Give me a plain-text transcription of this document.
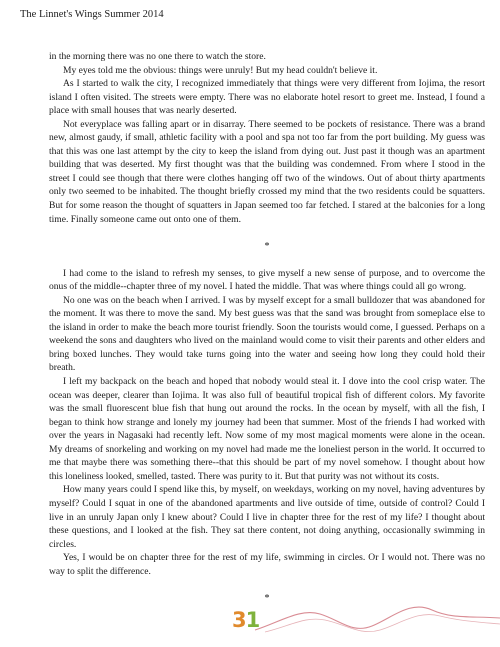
The Linnet's Wings Summer 2014

in the morning there was no one there to watch the store.

My eyes told me the obvious: things were unruly! But my head couldn't believe it.

As I started to walk the city, I recognized immediately that things were very different from Iojima, the resort island I often visited. The streets were empty. There was no elaborate hotel resort to greet me. Instead, I found a place with small houses that was nearly deserted.

Not everyplace was falling apart or in disarray. There seemed to be pockets of resistance. There was a brand new, almost gaudy, if small, athletic facility with a pool and spa not too far from the port building. My guess was that this was one last attempt by the city to keep the island from dying out. Just past it though was an apartment building that was deserted. My first thought was that the building was condemned. From where I stood in the street I could see though that there were clothes hanging off two of the windows. Out of about thirty apartments only two seemed to be inhabited. The thought briefly crossed my mind that the two residents could be squatters. But for some reason the thought of squatters in Japan seemed too far fetched. I stared at the balconies for a long time. Finally someone came out onto one of them.

*

I had come to the island to refresh my senses, to give myself a new sense of purpose, and to overcome the onus of the middle--chapter three of my novel. I hated the middle. That was where things could all go wrong.

No one was on the beach when I arrived. I was by myself except for a small bulldozer that was abandoned for the moment. It was there to move the sand. My best guess was that the sand was brought from someplace else to the island in order to make the beach more tourist friendly. Soon the tourists would come, I guessed. Perhaps on a weekend the sons and daughters who lived on the mainland would come to visit their parents and other elders and bring boxed lunches. They would take turns going into the water and seeing how long they could hold their breath.

I left my backpack on the beach and hoped that nobody would steal it. I dove into the cool crisp water. The ocean was deeper, clearer than Iojima. It was also full of beautiful tropical fish of different colors. My favorite was the small fluorescent blue fish that hung out around the rocks. In the ocean by myself, with all the fish, I began to think how strange and lonely my journey had been that summer. Most of the friends I had worked with over the years in Nagasaki had recently left. Now some of my most magical moments were alone in the ocean. My dreams of snorkeling and working on my novel had made me the loneliest person in the world. It occurred to me that maybe there was something there--that this should be part of my novel somehow. I thought about how this loneliness looked, smelled, tasted. There was purity to it. But that purity was not without its costs.

How many years could I spend like this, by myself, on weekdays, working on my novel, having adventures by myself? Could I squat in one of the abandoned apartments and live outside of time, outside of control? Could I live in an unruly Japan only I knew about? Could I live in chapter three for the rest of my life? I thought about these questions, and I looked at the fish. They sat there content, not doing anything, occasionally swimming in circles.

Yes, I would be on chapter three for the rest of my life, swimming in circles. Or I would not. There was no way to split the difference.

*
31
